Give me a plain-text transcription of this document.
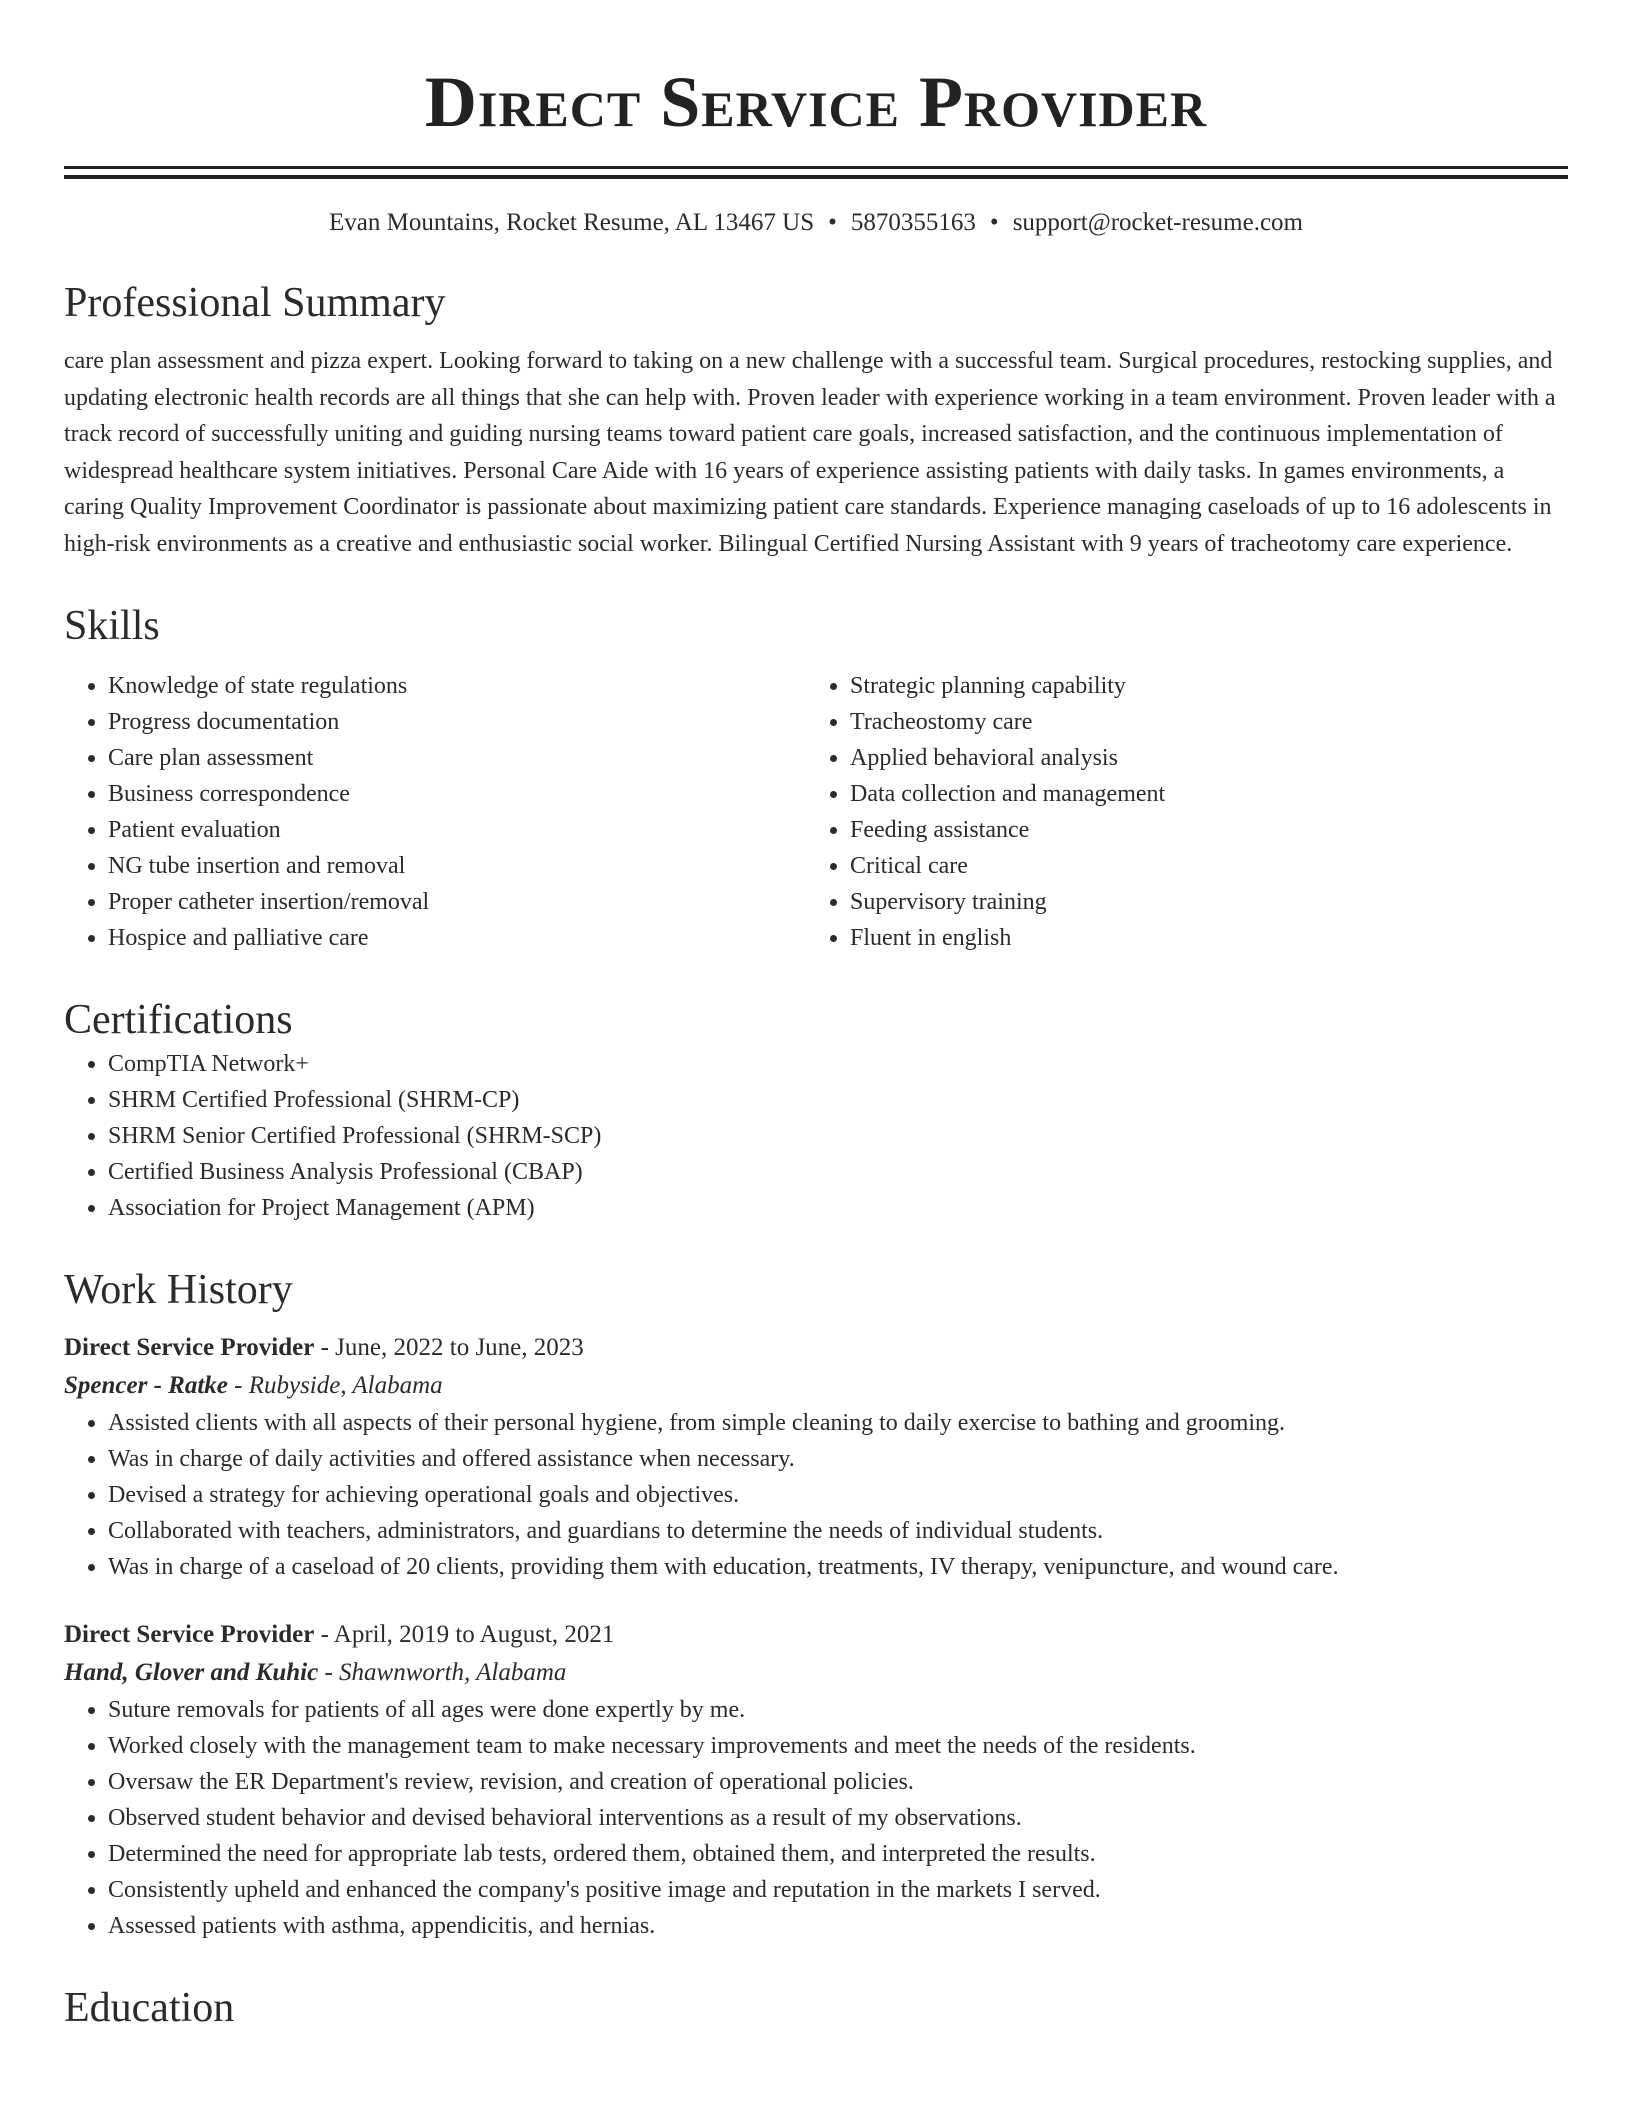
Direct Service Provider
Evan Mountains, Rocket Resume, AL 13467 US • 5870355163 • support@rocket-resume.com
Professional Summary

care plan assessment and pizza expert. Looking forward to taking on a new challenge with a successful team. Surgical procedures, restocking supplies, and updating electronic health records are all things that she can help with. Proven leader with experience working in a team environment. Proven leader with a track record of successfully uniting and guiding nursing teams toward patient care goals, increased satisfaction, and the continuous implementation of widespread healthcare system initiatives. Personal Care Aide with 16 years of experience assisting patients with daily tasks. In games environments, a caring Quality Improvement Coordinator is passionate about maximizing patient care standards. Experience managing caseloads of up to 16 adolescents in high-risk environments as a creative and enthusiastic social worker. Bilingual Certified Nursing Assistant with 9 years of tracheotomy care experience.

Skills
• Knowledge of state regulations
• Progress documentation
• Care plan assessment
• Business correspondence
• Patient evaluation
• NG tube insertion and removal
• Proper catheter insertion/removal
• Hospice and palliative care
• Strategic planning capability
• Tracheostomy care
• Applied behavioral analysis
• Data collection and management
• Feeding assistance
• Critical care
• Supervisory training
• Fluent in english
Certifications
• CompTIA Network+
• SHRM Certified Professional (SHRM-CP)
• SHRM Senior Certified Professional (SHRM-SCP)
• Certified Business Analysis Professional (CBAP)
• Association for Project Management (APM)
Work History
Direct Service Provider - June, 2022 to June, 2023
Spencer - Ratke - Rubyside, Alabama
• Assisted clients with all aspects of their personal hygiene, from simple cleaning to daily exercise to bathing and grooming.
• Was in charge of daily activities and offered assistance when necessary.
• Devised a strategy for achieving operational goals and objectives.
• Collaborated with teachers, administrators, and guardians to determine the needs of individual students.
• Was in charge of a caseload of 20 clients, providing them with education, treatments, IV therapy, venipuncture, and wound care.
Direct Service Provider - April, 2019 to August, 2021
Hand, Glover and Kuhic - Shawnworth, Alabama
• Suture removals for patients of all ages were done expertly by me.
• Worked closely with the management team to make necessary improvements and meet the needs of the residents.
• Oversaw the ER Department's review, revision, and creation of operational policies.
• Observed student behavior and devised behavioral interventions as a result of my observations.
• Determined the need for appropriate lab tests, ordered them, obtained them, and interpreted the results.
• Consistently upheld and enhanced the company's positive image and reputation in the markets I served.
• Assessed patients with asthma, appendicitis, and hernias.
Education
